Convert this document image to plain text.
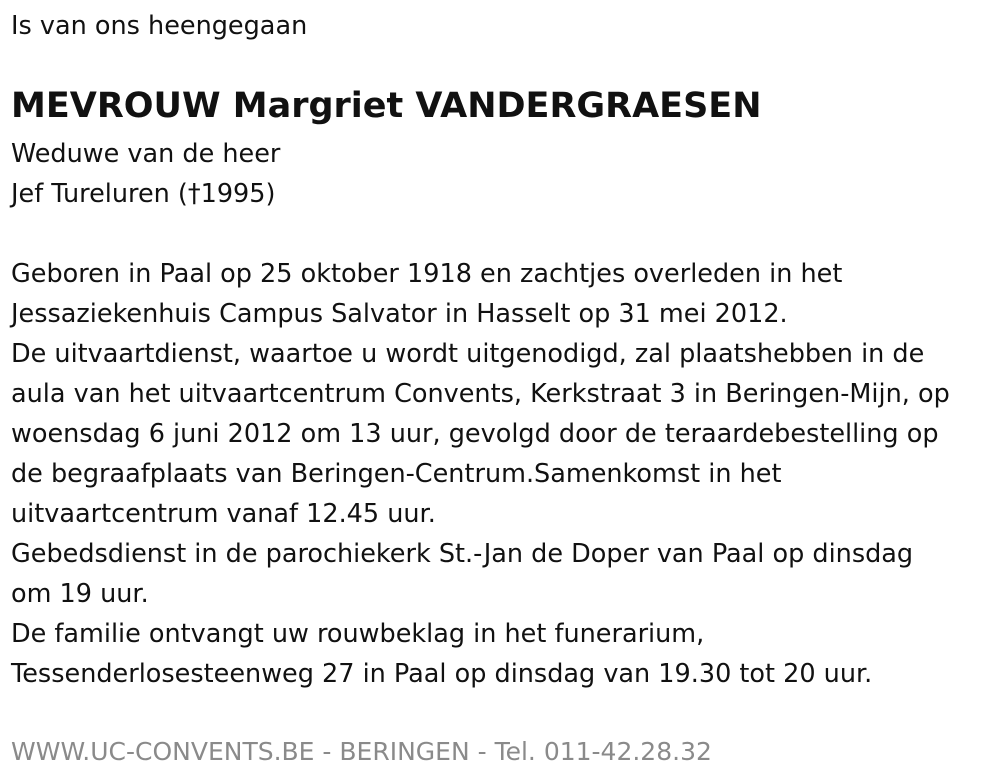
Is van ons heengegaan

MEVROUW Margriet VANDERGRAESEN

Weduwe van de heer

Jef Tureluren (†1995)

Geboren in Paal op 25 oktober 1918 en zachtjes overleden in het

Jessaziekenhuis Campus Salvator in Hasselt op 31 mei 2012.

De uitvaartdienst, waartoe u wordt uitgenodigd, zal plaatshebben in de

aula van het uitvaartcentrum Convents, Kerkstraat 3 in Beringen-Mijn, op

woensdag 6 juni 2012 om 13 uur, gevolgd door de teraardebestelling op

de begraafplaats van Beringen-Centrum.Samenkomst in het

uitvaartcentrum vanaf 12.45 uur.

Gebedsdienst in de parochiekerk St.-Jan de Doper van Paal op dinsdag

om 19 uur.

De familie ontvangt uw rouwbeklag in het funerarium,

Tessenderlosesteenweg 27 in Paal op dinsdag van 19.30 tot 20 uur.

WWW.UC-CONVENTS.BE - BERINGEN - Tel. 011-42.28.32
